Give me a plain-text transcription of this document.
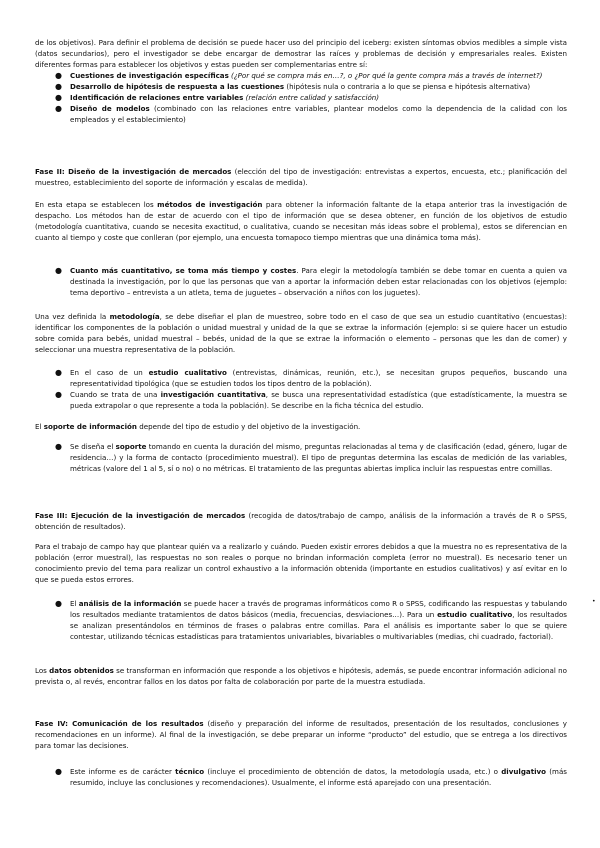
de los objetivos). Para definir el problema de decisión se puede hacer uso del principio del iceberg: existen síntomas obvios medibles a simple vista (datos secundarios), pero el investigador se debe encargar de demostrar las raíces y problemas de decisión y empresariales reales. Existen diferentes formas para establecer los objetivos y estas pueden ser complementarias entre sí:

● Cuestiones de investigación específicas (¿Por qué se compra más en…?, o ¿Por qué la gente compra más a través de internet?)
● Desarrollo de hipótesis de respuesta a las cuestiones (hipótesis nula o contraria a lo que se piensa e hipótesis alternativa)
● Identificación de relaciones entre variables (relación entre calidad y satisfacción)
● Diseño de modelos (combinado con las relaciones entre variables, plantear modelos como la dependencia de la calidad con los empleados y el establecimiento)

Fase II: Diseño de la investigación de mercados (elección del tipo de investigación: entrevistas a expertos, encuesta, etc.; planificación del muestreo, establecimiento del soporte de información y escalas de medida).

En esta etapa se establecen los métodos de investigación para obtener la información faltante de la etapa anterior tras la investigación de despacho. Los métodos han de estar de acuerdo con el tipo de información que se desea obtener, en función de los objetivos de estudio (metodología cuantitativa, cuando se necesita exactitud, o cualitativa, cuando se necesitan más ideas sobre el problema), estos se diferencian en cuanto al tiempo y coste que conlleran (por ejemplo, una encuesta tomapoco tiempo mientras que una dinámica toma más).

● Cuanto más cuantitativo, se toma más tiempo y costes. Para elegir la metodología también se debe tomar en cuenta a quien va destinada la investigación, por lo que las personas que van a aportar la información deben estar relacionadas con los objetivos (ejemplo: tema deportivo – entrevista a un atleta, tema de juguetes – observación a niños con los juguetes).

Una vez definida la metodología, se debe diseñar el plan de muestreo, sobre todo en el caso de que sea un estudio cuantitativo (encuestas): identificar los componentes de la población o unidad muestral y unidad de la que se extrae la información (ejemplo: si se quiere hacer un estudio sobre comida para bebés, unidad muestral – bebés, unidad de la que se extrae la información o elemento – personas que les dan de comer) y seleccionar una muestra representativa de la población.

● En el caso de un estudio cualitativo (entrevistas, dinámicas, reunión, etc.), se necesitan grupos pequeños, buscando una representatividad tipológica (que se estudien todos los tipos dentro de la población).
● Cuando se trata de una investigación cuantitativa, se busca una representatividad estadística (que estadísticamente, la muestra se pueda extrapolar o que represente a toda la población). Se describe en la ficha técnica del estudio.

El soporte de información depende del tipo de estudio y del objetivo de la investigación.

● Se diseña el soporte tomando en cuenta la duración del mismo, preguntas relacionadas al tema y de clasificación (edad, género, lugar de residencia…) y la forma de contacto (procedimiento muestral). El tipo de preguntas determina las escalas de medición de las variables, métricas (valore del 1 al 5, sí o no) o no métricas. El tratamiento de las preguntas abiertas implica incluir las respuestas entre comillas.

Fase III: Ejecución de la investigación de mercados (recogida de datos/trabajo de campo, análisis de la información a través de R o SPSS, obtención de resultados).

Para el trabajo de campo hay que plantear quién va a realizarlo y cuándo. Pueden existir errores debidos a que la muestra no es representativa de la población (error muestral), las respuestas no son reales o porque no brindan información completa (error no muestral). Es necesario tener un conocimiento previo del tema para realizar un control exhaustivo a la información obtenida (importante en estudios cualitativos) y así evitar en lo que se pueda estos errores.

● El análisis de la información se puede hacer a través de programas informáticos como R o SPSS, codificando las respuestas y tabulando los resultados mediante tratamientos de datos básicos (media, frecuencias, desviaciones…). Para un estudio cualitativo, los resultados se analizan presentándolos en términos de frases o palabras entre comillas. Para el análisis es importante saber lo que se quiere contestar, utilizando técnicas estadísticas para tratamientos univariables, bivariables o multivariables (medias, chi cuadrado, factorial).

Los datos obtenidos se transforman en información que responde a los objetivos e hipótesis, además, se puede encontrar información adicional no prevista o, al revés, encontrar fallos en los datos por falta de colaboración por parte de la muestra estudiada.

Fase IV: Comunicación de los resultados (diseño y preparación del informe de resultados, presentación de los resultados, conclusiones y recomendaciones en un informe). Al final de la investigación, se debe preparar un informe “producto” del estudio, que se entrega a los directivos para tomar las decisiones.

● Este informe es de carácter técnico (incluye el procedimiento de obtención de datos, la metodología usada, etc.) o divulgativo (más resumido, incluye las conclusiones y recomendaciones). Usualmente, el informe está aparejado con una presentación.
•
